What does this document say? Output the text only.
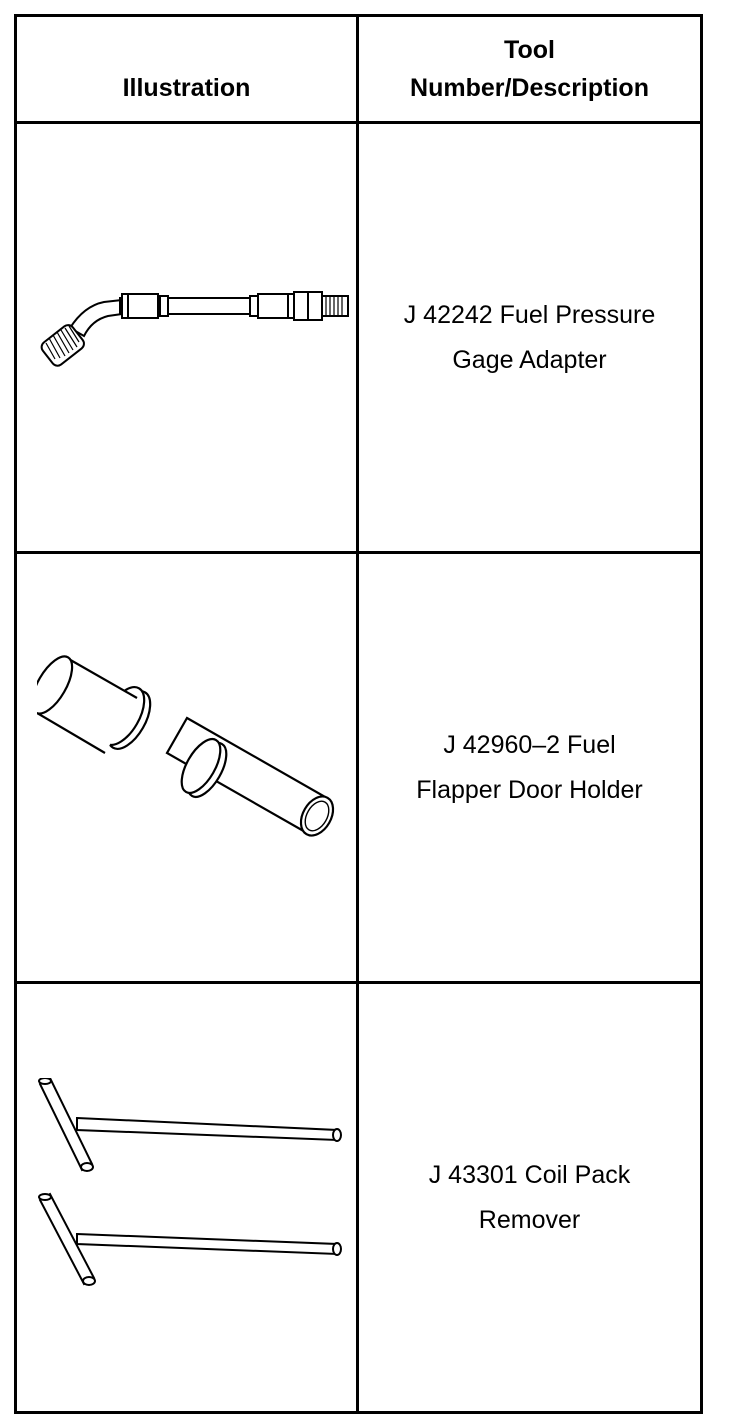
Illustration	Tool
Number/Description

J 42242 Fuel Pressure
Gage Adapter

J 42960–2 Fuel
Flapper Door Holder

J 43301 Coil Pack
Remover
